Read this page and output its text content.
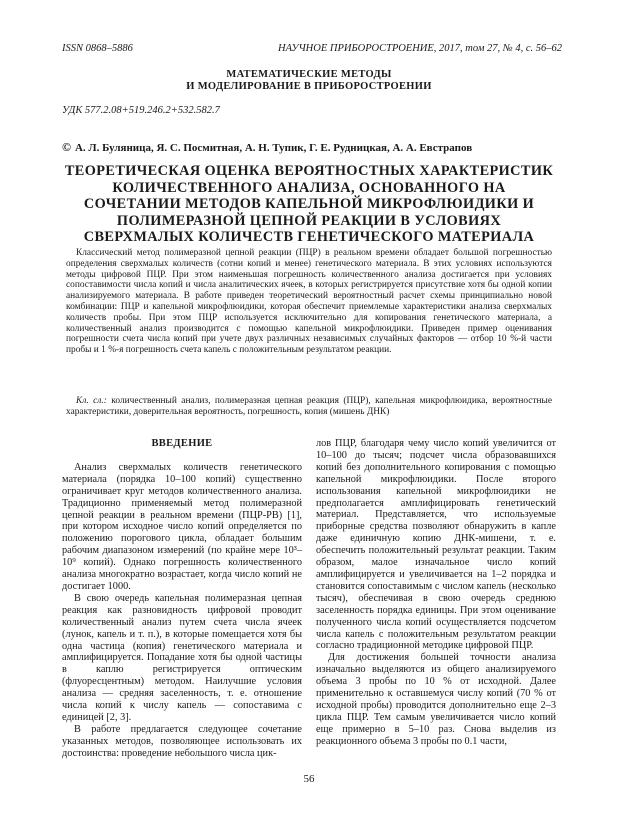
ISSN 0868–5886	НАУЧНОЕ ПРИБОРОСТРОЕНИЕ, 2017, том 27, № 4, с. 56–62
МАТЕМАТИЧЕСКИЕ МЕТОДЫ
И МОДЕЛИРОВАНИЕ В ПРИБОРОСТРОЕНИИ
УДК 577.2.08+519.246.2+532.582.7
© А. Л. Буляница, Я. С. Посмитная, А. Н. Тупик, Г. Е. Рудницкая, А. А. Евстрапов
ТЕОРЕТИЧЕСКАЯ ОЦЕНКА ВЕРОЯТНОСТНЫХ ХАРАКТЕРИСТИК КОЛИЧЕСТВЕННОГО АНАЛИЗА, ОСНОВАННОГО НА СОЧЕТАНИИ МЕТОДОВ КАПЕЛЬНОЙ МИКРОФЛЮИДИКИ И ПОЛИМЕРАЗНОЙ ЦЕПНОЙ РЕАКЦИИ В УСЛОВИЯХ СВЕРХМАЛЫХ КОЛИЧЕСТВ ГЕНЕТИЧЕСКОГО МАТЕРИАЛА

Классический метод полимеразной цепной реакции (ПЦР) в реальном времени обладает большой погрешностью определения сверхмалых количеств (сотни копий и менее) генетического материала. В этих условиях используются методы цифровой ПЦР. При этом наименьшая погрешность количественного анализа достигается при условиях сопоставимости числа копий и числа аналитических ячеек, в которых регистрируется присутствие хотя бы одной копии анализируемого материала. В работе приведен теоретический вероятностный расчет схемы принципиально новой комбинации: ПЦР и капельной микрофлюидики, которая обеспечит приемлемые характеристики анализа сверхмалых количеств пробы. При этом ПЦР используется исключительно для копирования генетического материала, а количественный анализ производится с помощью капельной микрофлюидики. Приведен пример оценивания погрешности счета числа копий при учете двух различных независимых случайных факторов — отбор 10 %-й части пробы и 1 %-я погрешность счета капель с положительным результатом реакции.

Кл. сл.: количественный анализ, полимеразная цепная реакция (ПЦР), капельная микрофлюидика, вероятностные характеристики, доверительная вероятность, погрешность, копия (мишень ДНК)

ВВЕДЕНИЕ

Анализ сверхмалых количеств генетического материала (порядка 10–100 копий) существенно ограничивает круг методов количественного анализа. Традиционно применяемый метод полимеразной цепной реакции в реальном времени (ПЦР-РВ) [1], при котором исходное число копий определяется по положению порогового цикла, обладает большим рабочим диапазоном измерений (по крайне мере 10³–10⁹ копий). Однако погрешность количественного анализа многократно возрастает, когда число копий не достигает 1000.

В свою очередь капельная полимеразная цепная реакция как разновидность цифровой проводит количественный анализ путем счета числа ячеек (лунок, капель и т. п.), в которые помещается хотя бы одна частица (копия) генетического материала и амплифицируется. Попадание хотя бы одной частицы в каплю регистрируется оптическим (флуоресцентным) методом. Наилучшие условия анализа — средняя заселенность, т. е. отношение числа копий к числу капель — сопоставима с единицей [2, 3].

В работе предлагается следующее сочетание указанных методов, позволяющее использовать их достоинства: проведение небольшого числа цик-

лов ПЦР, благодаря чему число копий увеличится от 10–100 до тысяч; подсчет числа образовавшихся копий без дополнительного копирования с помощью капельной микрофлюидики. После второго использования капельной микрофлюидики не предполагается амплифицировать генетический материал. Представляется, что используемые приборные средства позволяют обнаружить в капле даже единичную копию ДНК-мишени, т. е. обеспечить положительный результат реакции. Таким образом, малое изначальное число копий амплифицируется и увеличивается на 1–2 порядка и становится сопоставимым с числом капель (несколько тысяч), обеспечивая в свою очередь среднюю заселенность порядка единицы. При этом оценивание полученного числа копий осуществляется подсчетом числа капель с положительным результатом реакции согласно традиционной методике цифровой ПЦР.

Для достижения большей точности анализа изначально выделяются из общего анализируемого объема 3 пробы по 10 % от исходной. Далее применительно к оставшемуся числу копий (70 % от исходной пробы) проводится дополнительно еще 2–3 цикла ПЦР. Тем самым увеличивается число копий еще примерно в 5–10 раз. Снова выделив из реакционного объема 3 пробы по 0.1 части,

56
